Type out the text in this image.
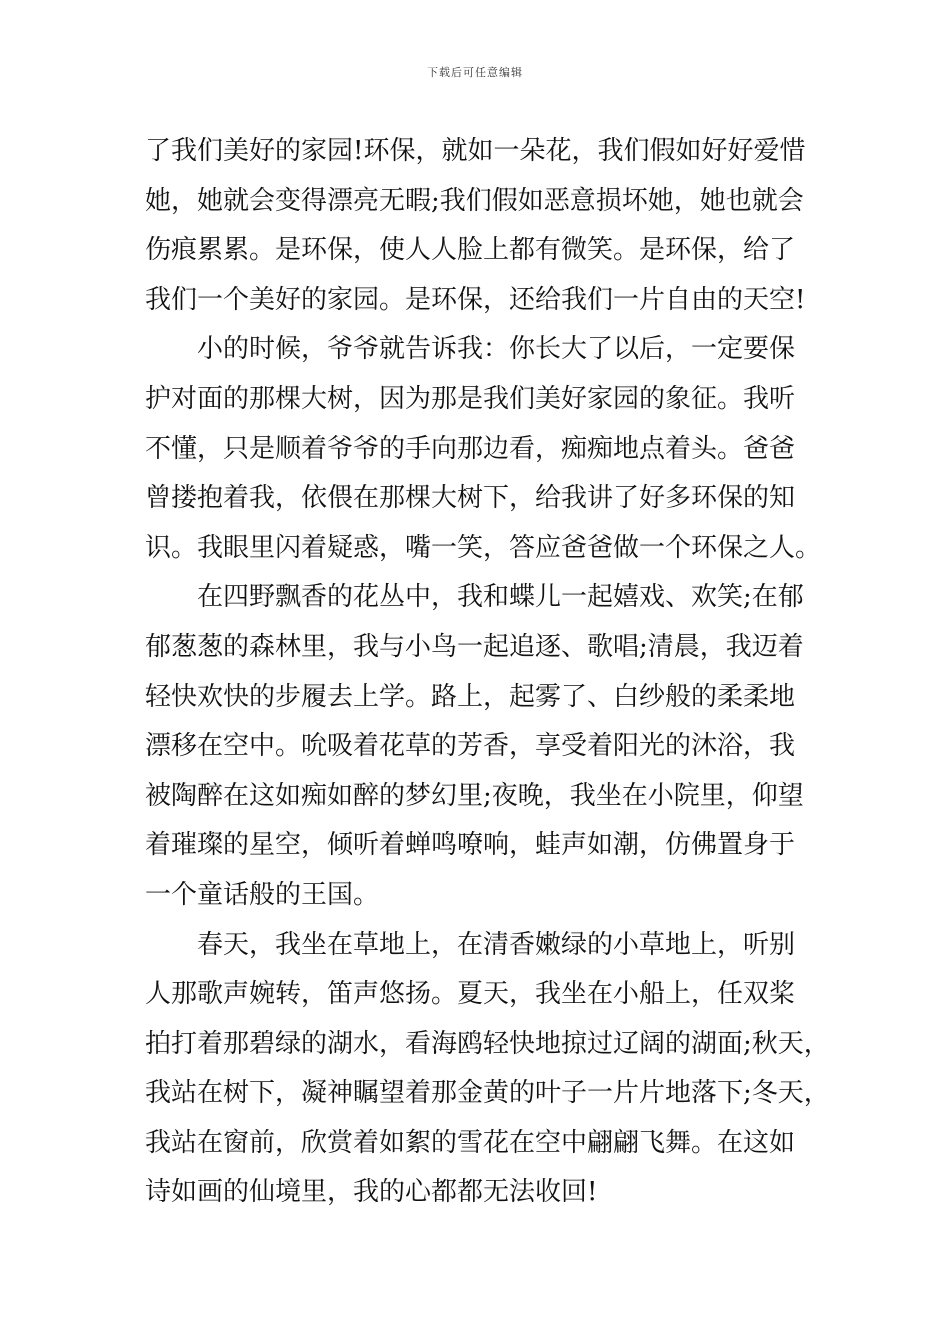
下载后可任意编辑
了我们美好的家园!环保，就如一朵花，我们假如好好爱惜
她，她就会变得漂亮无暇;我们假如恶意损坏她，她也就会
伤痕累累。是环保，使人人脸上都有微笑。是环保，给了
我们一个美好的家园。是环保，还给我们一片自由的天空!
　　小的时候，爷爷就告诉我：你长大了以后，一定要保
护对面的那棵大树，因为那是我们美好家园的象征。我听
不懂，只是顺着爷爷的手向那边看，痴痴地点着头。爸爸
曾搂抱着我，依偎在那棵大树下，给我讲了好多环保的知
识。我眼里闪着疑惑，嘴一笑，答应爸爸做一个环保之人。
　　在四野飘香的花丛中，我和蝶儿一起嬉戏、欢笑;在郁
郁葱葱的森林里，我与小鸟一起追逐、歌唱;清晨，我迈着
轻快欢快的步履去上学。路上，起雾了、白纱般的柔柔地
漂移在空中。吮吸着花草的芳香，享受着阳光的沐浴，我
被陶醉在这如痴如醉的梦幻里;夜晚，我坐在小院里，仰望
着璀璨的星空，倾听着蝉鸣嘹响，蛙声如潮，仿佛置身于
一个童话般的王国。
　　春天，我坐在草地上，在清香嫩绿的小草地上，听别
人那歌声婉转，笛声悠扬。夏天，我坐在小船上，任双桨
拍打着那碧绿的湖水，看海鸥轻快地掠过辽阔的湖面;秋天，
我站在树下，凝神瞩望着那金黄的叶子一片片地落下;冬天，
我站在窗前，欣赏着如絮的雪花在空中翩翩飞舞。在这如
诗如画的仙境里，我的心都都无法收回!
